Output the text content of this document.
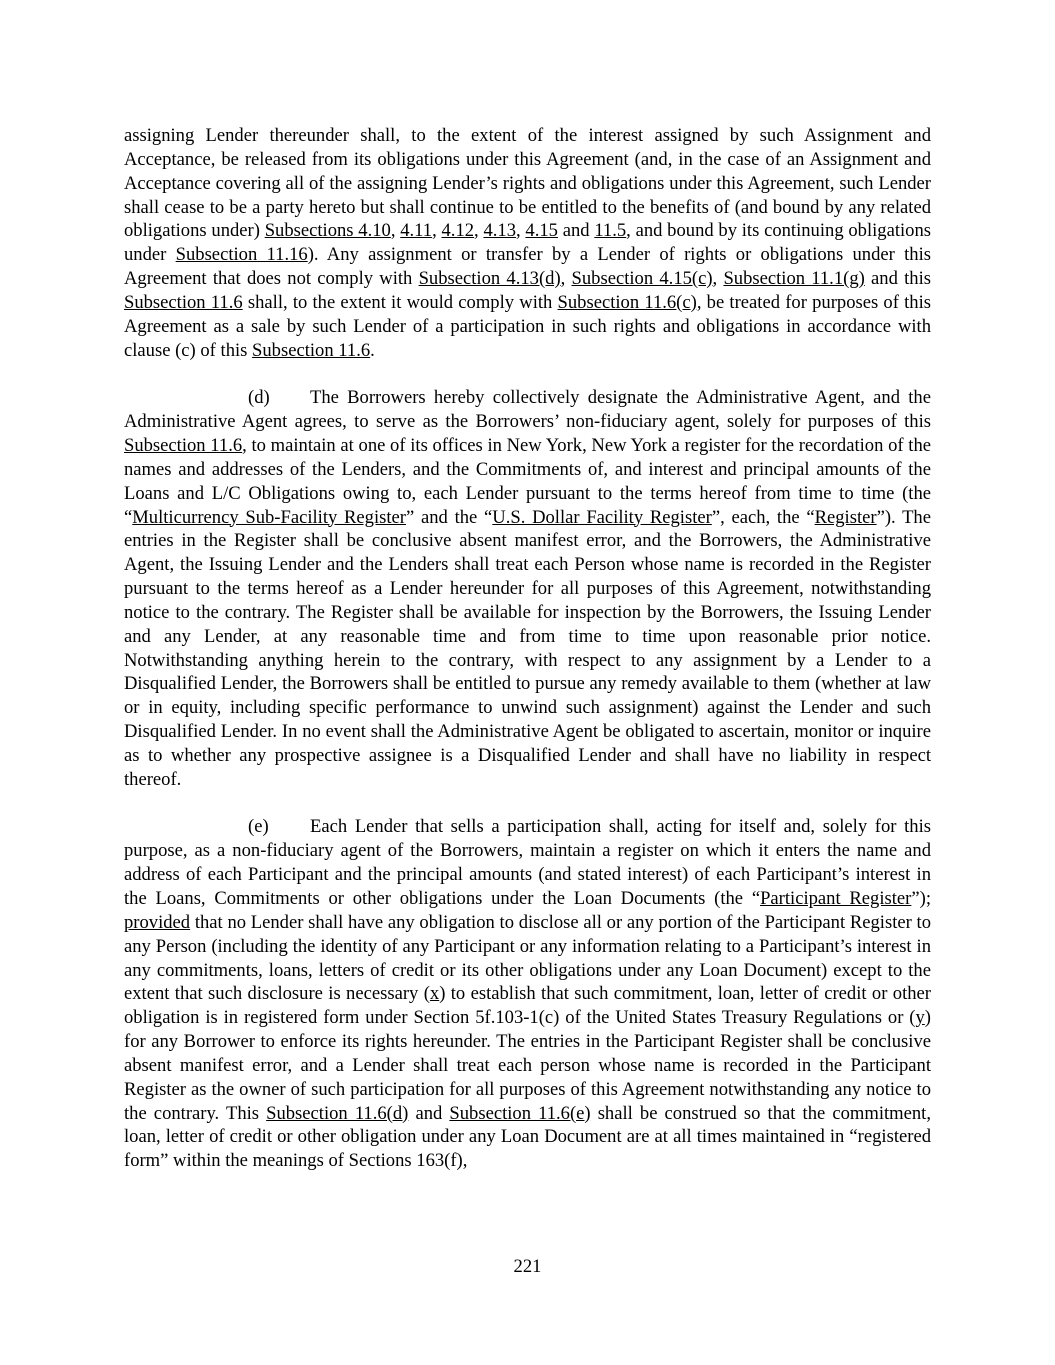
assigning Lender thereunder shall, to the extent of the interest assigned by such Assignment and Acceptance, be released from its obligations under this Agreement (and, in the case of an Assignment and Acceptance covering all of the assigning Lender’s rights and obligations under this Agreement, such Lender shall cease to be a party hereto but shall continue to be entitled to the benefits of (and bound by any related obligations under) Subsections 4.10, 4.11, 4.12, 4.13, 4.15 and 11.5, and bound by its continuing obligations under Subsection 11.16). Any assignment or transfer by a Lender of rights or obligations under this Agreement that does not comply with Subsection 4.13(d), Subsection 4.15(c), Subsection 11.1(g) and this Subsection 11.6 shall, to the extent it would comply with Subsection 11.6(c), be treated for purposes of this Agreement as a sale by such Lender of a participation in such rights and obligations in accordance with clause (c) of this Subsection 11.6.

(d) The Borrowers hereby collectively designate the Administrative Agent, and the Administrative Agent agrees, to serve as the Borrowers’ non-fiduciary agent, solely for purposes of this Subsection 11.6, to maintain at one of its offices in New York, New York a register for the recordation of the names and addresses of the Lenders, and the Commitments of, and interest and principal amounts of the Loans and L/C Obligations owing to, each Lender pursuant to the terms hereof from time to time (the “Multicurrency Sub-Facility Register” and the “U.S. Dollar Facility Register”, each, the “Register”). The entries in the Register shall be conclusive absent manifest error, and the Borrowers, the Administrative Agent, the Issuing Lender and the Lenders shall treat each Person whose name is recorded in the Register pursuant to the terms hereof as a Lender hereunder for all purposes of this Agreement, notwithstanding notice to the contrary. The Register shall be available for inspection by the Borrowers, the Issuing Lender and any Lender, at any reasonable time and from time to time upon reasonable prior notice. Notwithstanding anything herein to the contrary, with respect to any assignment by a Lender to a Disqualified Lender, the Borrowers shall be entitled to pursue any remedy available to them (whether at law or in equity, including specific performance to unwind such assignment) against the Lender and such Disqualified Lender. In no event shall the Administrative Agent be obligated to ascertain, monitor or inquire as to whether any prospective assignee is a Disqualified Lender and shall have no liability in respect thereof.

(e) Each Lender that sells a participation shall, acting for itself and, solely for this purpose, as a non-fiduciary agent of the Borrowers, maintain a register on which it enters the name and address of each Participant and the principal amounts (and stated interest) of each Participant’s interest in the Loans, Commitments or other obligations under the Loan Documents (the “Participant Register”); provided that no Lender shall have any obligation to disclose all or any portion of the Participant Register to any Person (including the identity of any Participant or any information relating to a Participant’s interest in any commitments, loans, letters of credit or its other obligations under any Loan Document) except to the extent that such disclosure is necessary (x) to establish that such commitment, loan, letter of credit or other obligation is in registered form under Section 5f.103-1(c) of the United States Treasury Regulations or (y) for any Borrower to enforce its rights hereunder. The entries in the Participant Register shall be conclusive absent manifest error, and a Lender shall treat each person whose name is recorded in the Participant Register as the owner of such participation for all purposes of this Agreement notwithstanding any notice to the contrary. This Subsection 11.6(d) and Subsection 11.6(e) shall be construed so that the commitment, loan, letter of credit or other obligation under any Loan Document are at all times maintained in “registered form” within the meanings of Sections 163(f),

221
